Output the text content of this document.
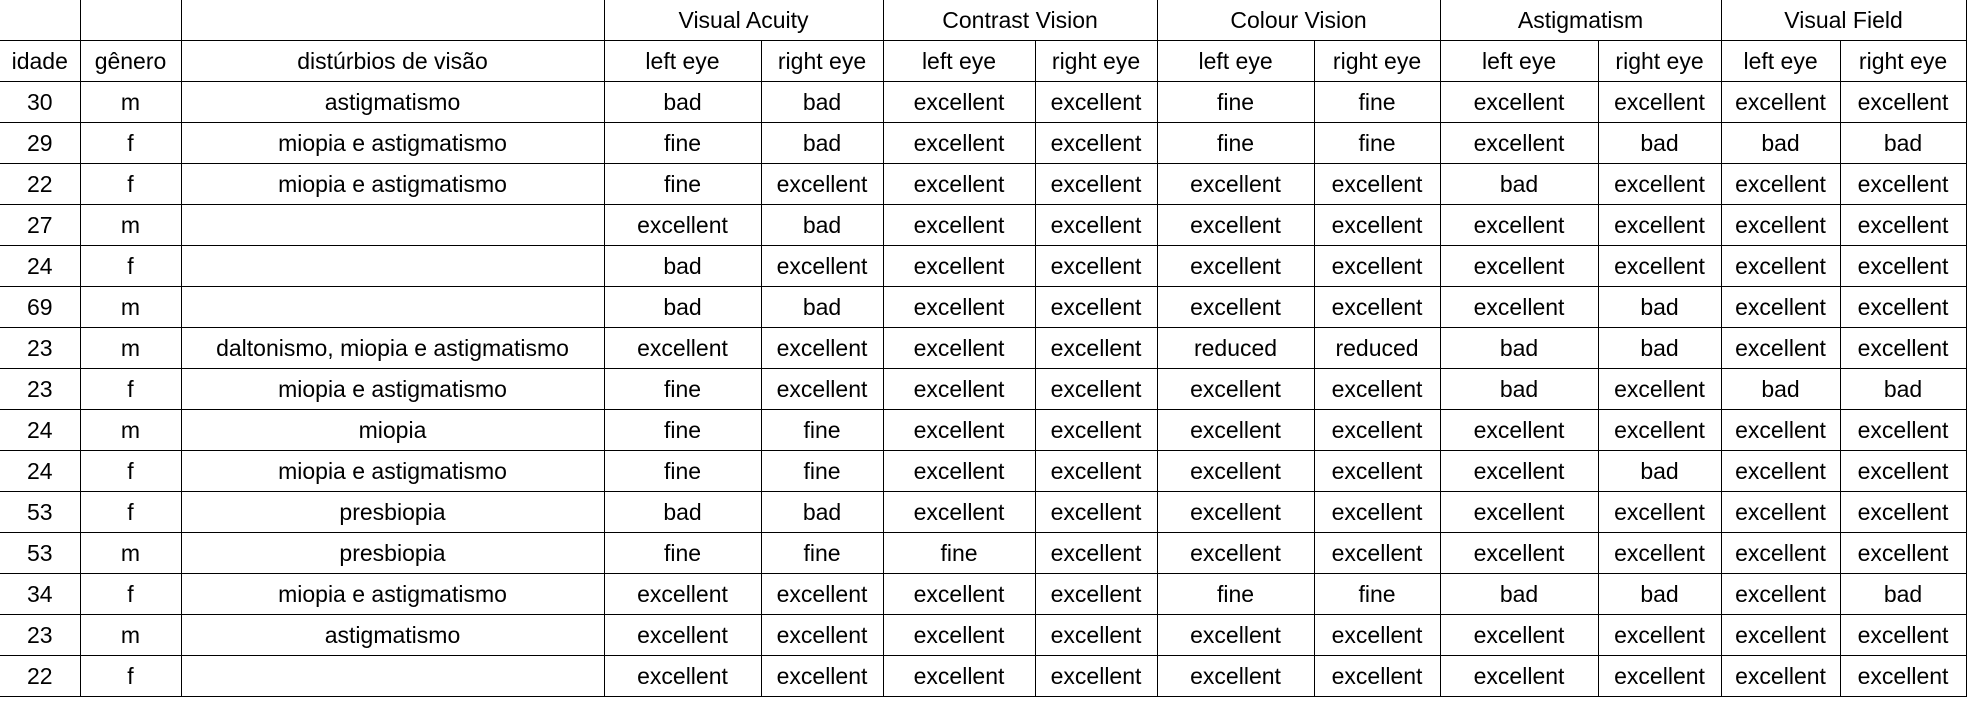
			Visual Acuity		Contrast Vision		Colour Vision		Astigmatism		Visual Field	
idade	gênero	distúrbios de visão	left eye	right eye	left eye	right eye	left eye	right eye	left eye	right eye	left eye	right eye
30	m	astigmatismo	bad	bad	excellent	excellent	fine	fine	excellent	excellent	excellent	excellent
29	f	miopia e astigmatismo	fine	bad	excellent	excellent	fine	fine	excellent	bad	bad	bad
22	f	miopia e astigmatismo	fine	excellent	excellent	excellent	excellent	excellent	bad	excellent	excellent	excellent
27	m		excellent	bad	excellent	excellent	excellent	excellent	excellent	excellent	excellent	excellent
24	f		bad	excellent	excellent	excellent	excellent	excellent	excellent	excellent	excellent	excellent
69	m		bad	bad	excellent	excellent	excellent	excellent	excellent	bad	excellent	excellent
23	m	daltonismo, miopia e astigmatismo	excellent	excellent	excellent	excellent	reduced	reduced	bad	bad	excellent	excellent
23	f	miopia e astigmatismo	fine	excellent	excellent	excellent	excellent	excellent	bad	excellent	bad	bad
24	m	miopia	fine	fine	excellent	excellent	excellent	excellent	excellent	excellent	excellent	excellent
24	f	miopia e astigmatismo	fine	fine	excellent	excellent	excellent	excellent	excellent	bad	excellent	excellent
53	f	presbiopia	bad	bad	excellent	excellent	excellent	excellent	excellent	excellent	excellent	excellent
53	m	presbiopia	fine	fine	fine	excellent	excellent	excellent	excellent	excellent	excellent	excellent
34	f	miopia e astigmatismo	excellent	excellent	excellent	excellent	fine	fine	bad	bad	excellent	bad
23	m	astigmatismo	excellent	excellent	excellent	excellent	excellent	excellent	excellent	excellent	excellent	excellent
22	f		excellent	excellent	excellent	excellent	excellent	excellent	excellent	excellent	excellent	excellent
